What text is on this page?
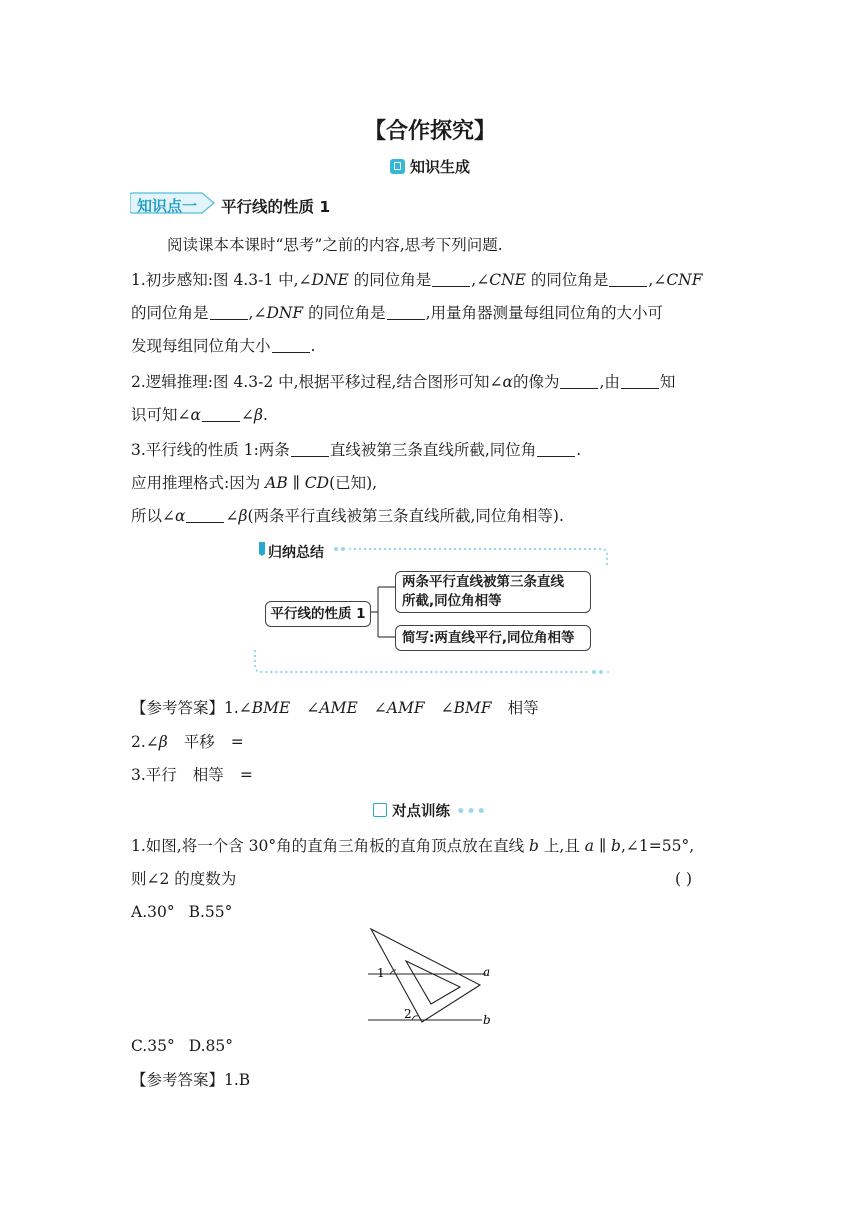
【合作探究】
知识生成
知识点一 平行线的性质 1
阅读课本本课时“思考”之前的内容,思考下列问题.
1.初步感知:图 4.3-1 中,∠DNE 的同位角是	,∠CNE 的同位角是	,∠CNF
的同位角是	,∠DNF 的同位角是	,用量角器测量每组同位角的大小可
发现每组同位角大小	.
2.逻辑推理:图 4.3-2 中,根据平移过程,结合图形可知∠α的像为	,由	知
识可知∠α	∠β.
3.平行线的性质 1:两条	直线被第三条直线所截,同位角	.
应用推理格式:因为 AB ∥ CD(已知),
所以∠α	∠β(两条平行直线被第三条直线所截,同位角相等).
归纳总结
平行线的性质 1
两条平行直线被第三条直线
所截,同位角相等
简写:两直线平行,同位角相等
【参考答案】1.∠BME ∠AME ∠AMF ∠BMF 相等
2.∠β 平移 =
3.平行 相等 =
对点训练 •••
1.如图,将一个含 30°角的直角三角板的直角顶点放在直线 b 上,且 a ∥ b,∠1=55°,
则∠2 的度数为	( )
A.30° B.55°
1
2
a
b
C.35° D.85°
【参考答案】1.B
